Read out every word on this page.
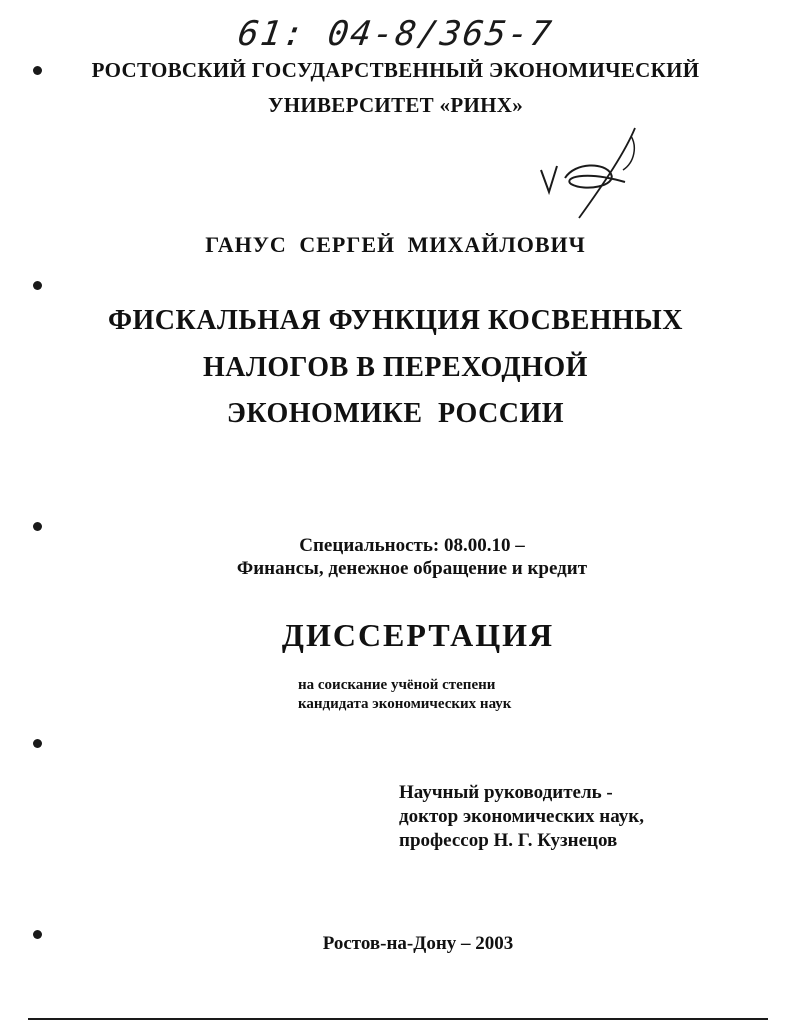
61: 04-8/365-7
РОСТОВСКИЙ ГОСУДАРСТВЕННЫЙ ЭКОНОМИЧЕСКИЙ
УНИВЕРСИТЕТ «РИНХ»
ГАНУС СЕРГЕЙ МИХАЙЛОВИЧ
ФИСКАЛЬНАЯ ФУНКЦИЯ КОСВЕННЫХ
НАЛОГОВ В ПЕРЕХОДНОЙ
ЭКОНОМИКЕ РОССИИ
Специальность: 08.00.10 –
Финансы, денежное обращение и кредит
ДИССЕРТАЦИЯ
на соискание учёной степени
кандидата экономических наук
Научный руководитель -
доктор экономических наук,
профессор Н. Г. Кузнецов
Ростов-на-Дону – 2003
